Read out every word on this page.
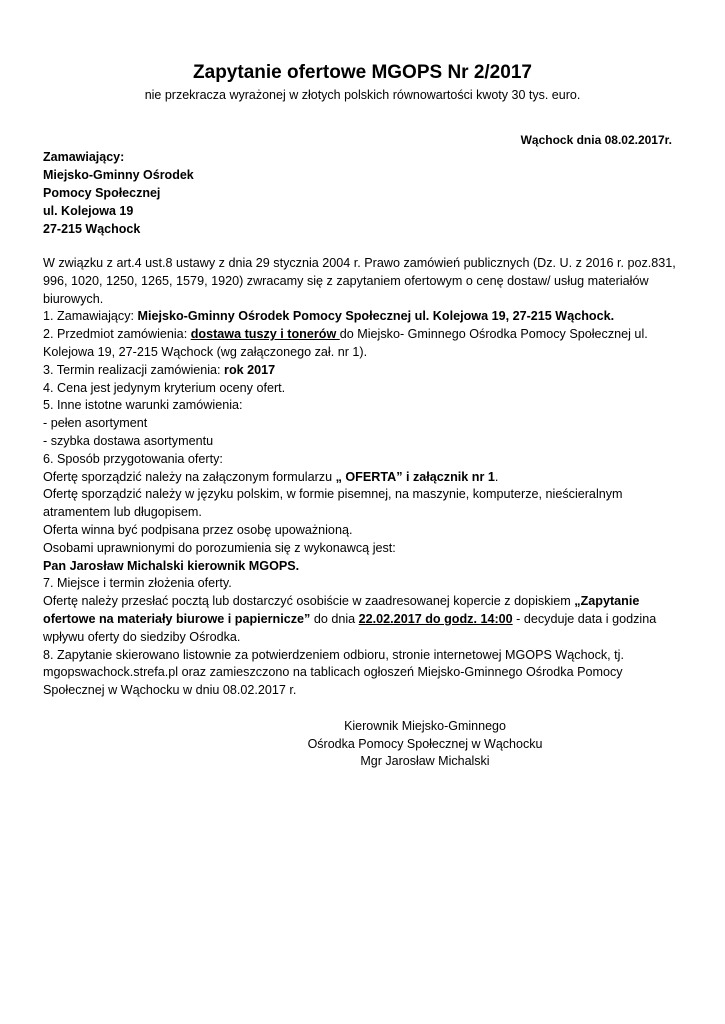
Zapytanie ofertowe MGOPS Nr 2/2017
nie przekracza wyrażonej w złotych polskich równowartości kwoty 30 tys. euro.
Wąchock dnia 08.02.2017r.
Zamawiający:
Miejsko-Gminny Ośrodek
Pomocy Społecznej
ul. Kolejowa 19
27-215 Wąchock

W związku z art.4 ust.8 ustawy z dnia 29 stycznia 2004 r. Prawo zamówień publicznych (Dz. U. z 2016 r. poz.831, 996, 1020, 1250, 1265, 1579, 1920) zwracamy się z zapytaniem ofertowym o cenę dostaw/ usług materiałów biurowych.

1. Zamawiający: Miejsko-Gminny Ośrodek Pomocy Społecznej ul. Kolejowa 19, 27-215 Wąchock.

2. Przedmiot zamówienia: dostawa tuszy i tonerów do Miejsko- Gminnego Ośrodka Pomocy Społecznej ul. Kolejowa 19, 27-215 Wąchock (wg załączonego zał. nr 1).

3. Termin realizacji zamówienia: rok 2017

4. Cena jest jedynym kryterium oceny ofert.

5. Inne istotne warunki zamówienia:

- pełen asortyment

- szybka dostawa asortymentu

6. Sposób przygotowania oferty:

Ofertę sporządzić należy na załączonym formularzu „ OFERTA” i załącznik nr 1.

Ofertę sporządzić należy w języku polskim, w formie pisemnej, na maszynie, komputerze, nieścieralnym atramentem lub długopisem.

Oferta winna być podpisana przez osobę upoważnioną.

Osobami uprawnionymi do porozumienia się z wykonawcą jest:

Pan Jarosław Michalski kierownik MGOPS.

7. Miejsce i termin złożenia oferty.

Ofertę należy przesłać pocztą lub dostarczyć osobiście w zaadresowanej kopercie z dopiskiem „Zapytanie ofertowe na materiały biurowe i papiernicze” do dnia 22.02.2017 do godz. 14:00 - decyduje data i godzina wpływu oferty do siedziby Ośrodka.

8. Zapytanie skierowano listownie za potwierdzeniem odbioru, stronie internetowej MGOPS Wąchock, tj. mgopswachock.strefa.pl oraz zamieszczono na tablicach ogłoszeń Miejsko-Gminnego Ośrodka Pomocy Społecznej w Wąchocku w dniu 08.02.2017 r.

Kierownik Miejsko-Gminnego
Ośrodka Pomocy Społecznej w Wąchocku
Mgr Jarosław Michalski
